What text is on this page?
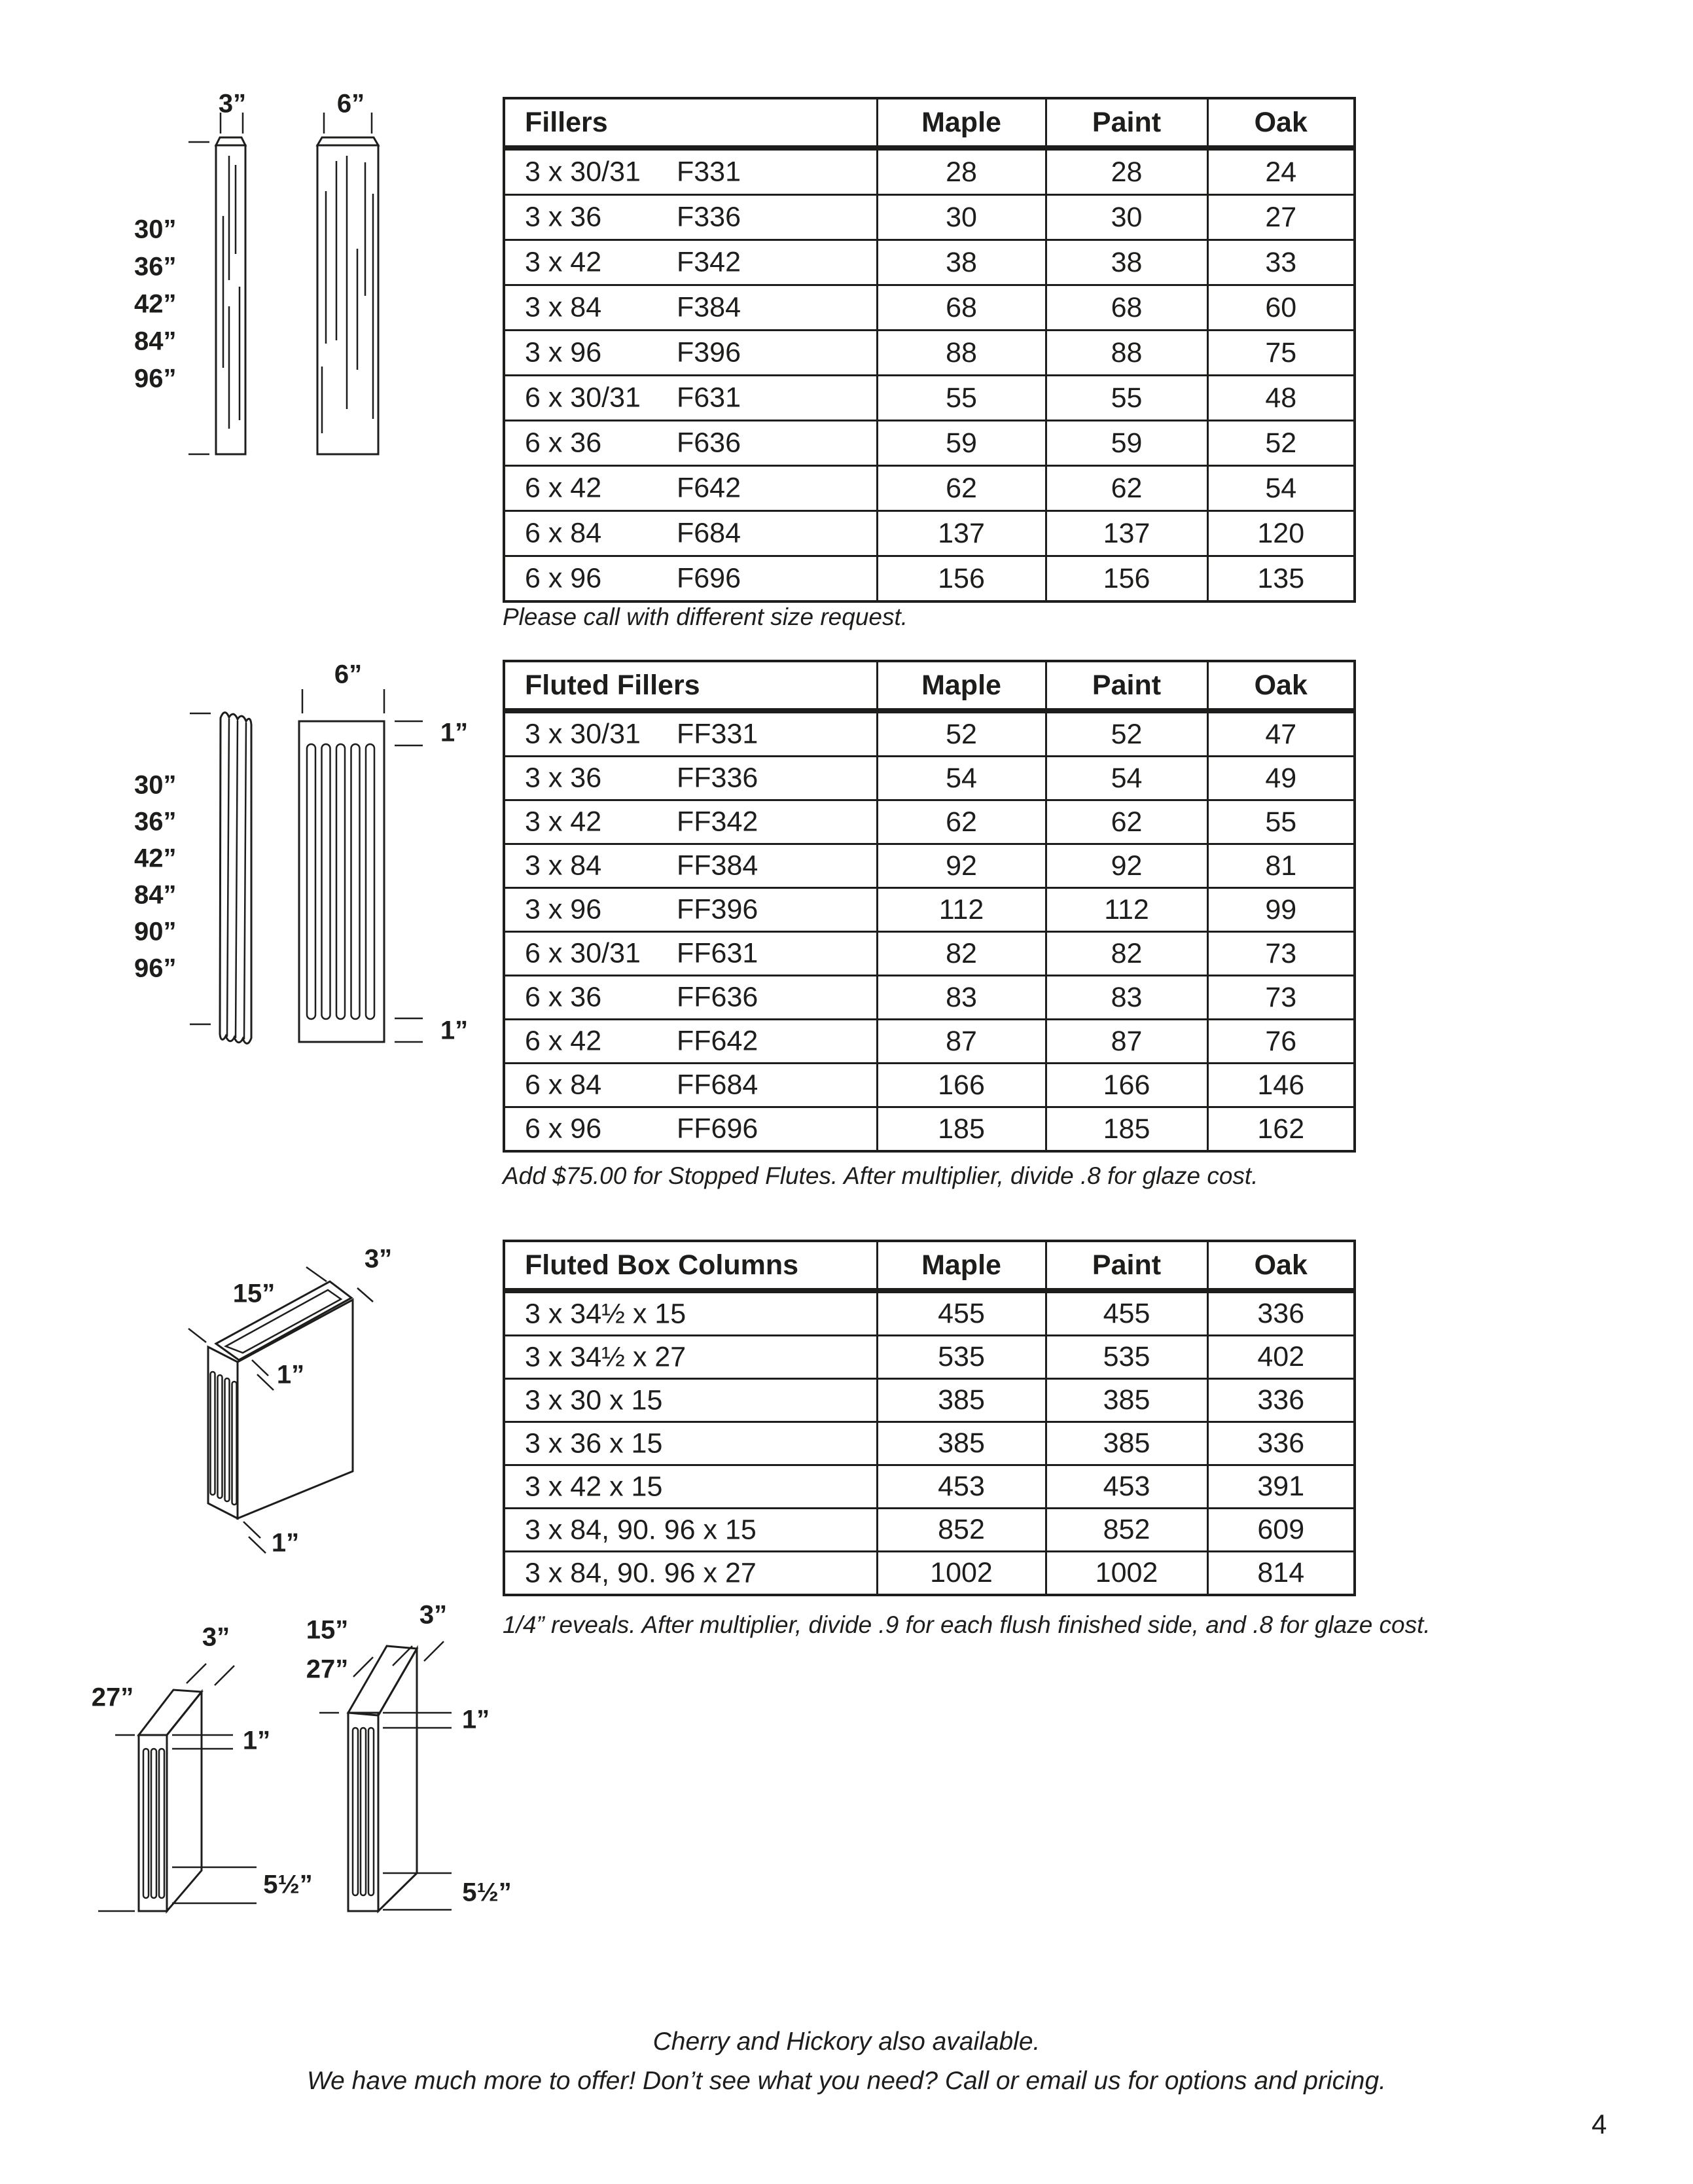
3”	6”
30”
36”
42”
84”
96”
Fillers	Maple	Paint	Oak

3 x 30/31 F331	28	28	24

3 x 36 F336	30	30	27

3 x 42 F342	38	38	33

3 x 84 F384	68	68	60

3 x 96 F396	88	88	75

6 x 30/31 F631	55	55	48

6 x 36 F636	59	59	52

6 x 42 F642	62	62	54

6 x 84 F684	137	137	120

6 x 96 F696	156	156	135
Please call with different size request.
6”
1”
1”
30”
36”
42”
84”
90”
96”
Fluted Fillers	Maple	Paint	Oak

3 x 30/31 FF331	52	52	47

3 x 36 FF336	54	54	49

3 x 42 FF342	62	62	55

3 x 84 FF384	92	92	81

3 x 96 FF396	112	112	99

6 x 30/31 FF631	82	82	73

6 x 36 FF636	83	83	73

6 x 42 FF642	87	87	76

6 x 84 FF684	166	166	146

6 x 96 FF696	185	185	162
Add $75.00 for Stopped Flutes. After multiplier, divide .8 for glaze cost.
15”
3”
1”
1”
Fluted Box Columns	Maple	Paint	Oak

3 x 34½ x 15	455	455	336

3 x 34½ x 27	535	535	402

3 x 30 x 15	385	385	336

3 x 36 x 15	385	385	336

3 x 42 x 15	453	453	391

3 x 84, 90. 96 x 15	852	852	609

3 x 84, 90. 96 x 27	1002	1002	814
1/4” reveals. After multiplier, divide .9 for each flush finished side, and .8 for glaze cost.
3”
27”
1”
5½”
15”
27”
3”
1”
5½”
Cherry and Hickory also available.
We have much more to offer! Don’t see what you need? Call or email us for options and pricing.
4
